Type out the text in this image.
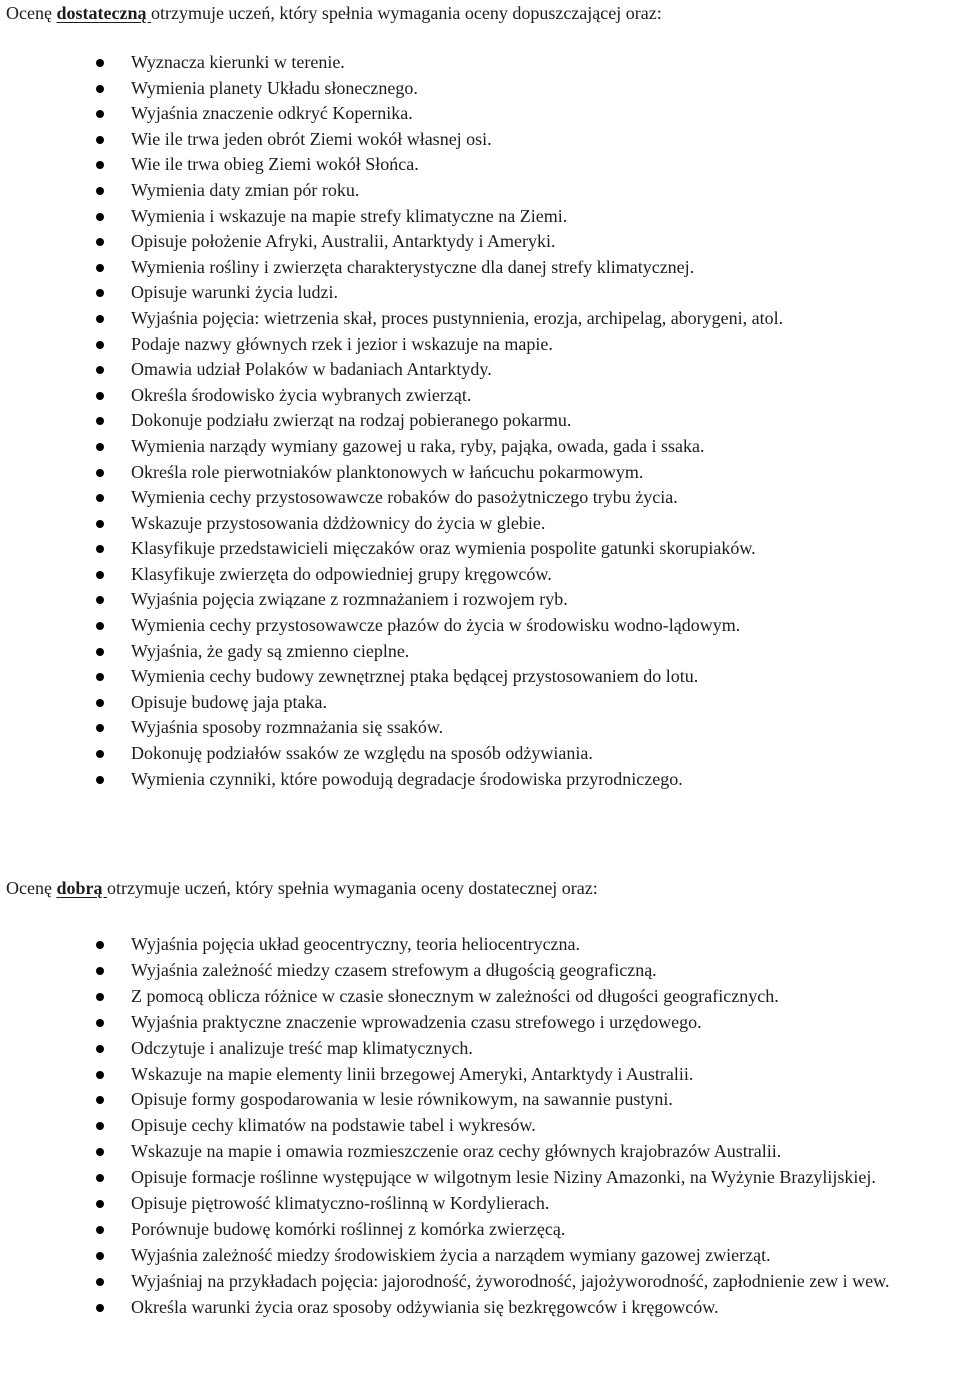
Ocenę dostateczną otrzymuje uczeń, który spełnia wymagania oceny dopuszczającej oraz:

Wyznacza kierunki w terenie.
Wymienia planety Układu słonecznego.
Wyjaśnia znaczenie odkryć Kopernika.
Wie ile trwa jeden obrót Ziemi wokół własnej osi.
Wie ile trwa obieg Ziemi wokół Słońca.
Wymienia daty zmian pór roku.
Wymienia i wskazuje na mapie strefy klimatyczne na Ziemi.
Opisuje położenie Afryki, Australii, Antarktydy i Ameryki.
Wymienia rośliny i zwierzęta charakterystyczne dla danej strefy klimatycznej.
Opisuje warunki życia ludzi.
Wyjaśnia pojęcia: wietrzenia skał, proces pustynnienia, erozja, archipelag, aborygeni, atol.
Podaje nazwy głównych rzek i jezior i wskazuje na mapie.
Omawia udział Polaków w badaniach Antarktydy.
Określa środowisko życia wybranych zwierząt.
Dokonuje podziału zwierząt na rodzaj pobieranego pokarmu.
Wymienia narządy wymiany gazowej u raka, ryby, pająka, owada, gada i ssaka.
Określa role pierwotniaków planktonowych w łańcuchu pokarmowym.
Wymienia cechy przystosowawcze robaków do pasożytniczego trybu życia.
Wskazuje przystosowania dżdżownicy do życia w glebie.
Klasyfikuje przedstawicieli mięczaków oraz wymienia pospolite gatunki skorupiaków.
Klasyfikuje zwierzęta do odpowiedniej grupy kręgowców.
Wyjaśnia pojęcia związane z rozmnażaniem i rozwojem ryb.
Wymienia cechy przystosowawcze płazów do życia w środowisku wodno-lądowym.
Wyjaśnia, że gady są zmienno cieplne.
Wymienia cechy budowy zewnętrznej ptaka będącej przystosowaniem do lotu.
Opisuje budowę jaja ptaka.
Wyjaśnia sposoby rozmnażania się ssaków.
Dokonuję podziałów ssaków ze względu na sposób odżywiania.
Wymienia czynniki, które powodują degradacje środowiska przyrodniczego.

Ocenę dobrą otrzymuje uczeń, który spełnia wymagania oceny dostatecznej oraz:

Wyjaśnia pojęcia układ geocentryczny, teoria heliocentryczna.
Wyjaśnia zależność miedzy czasem strefowym a długością geograficzną.
Z pomocą oblicza różnice w czasie słonecznym w zależności od długości geograficznych.
Wyjaśnia praktyczne znaczenie wprowadzenia czasu strefowego i urzędowego.
Odczytuje i analizuje treść map klimatycznych.
Wskazuje na mapie elementy linii brzegowej Ameryki, Antarktydy i Australii.
Opisuje formy gospodarowania w lesie równikowym, na sawannie pustyni.
Opisuje cechy klimatów na podstawie tabel i wykresów.
Wskazuje na mapie i omawia rozmieszczenie oraz cechy głównych krajobrazów Australii.
Opisuje formacje roślinne występujące w wilgotnym lesie Niziny Amazonki, na Wyżynie Brazylijskiej.
Opisuje piętrowość klimatyczno-roślinną w Kordylierach.
Porównuje budowę komórki roślinnej z komórka zwierzęcą.
Wyjaśnia zależność miedzy środowiskiem życia a narządem wymiany gazowej zwierząt.
Wyjaśniaj na przykładach pojęcia: jajorodność, żyworodność, jajożyworodność, zapłodnienie zew i wew.
Określa warunki życia oraz sposoby odżywiania się bezkręgowców i kręgowców.
